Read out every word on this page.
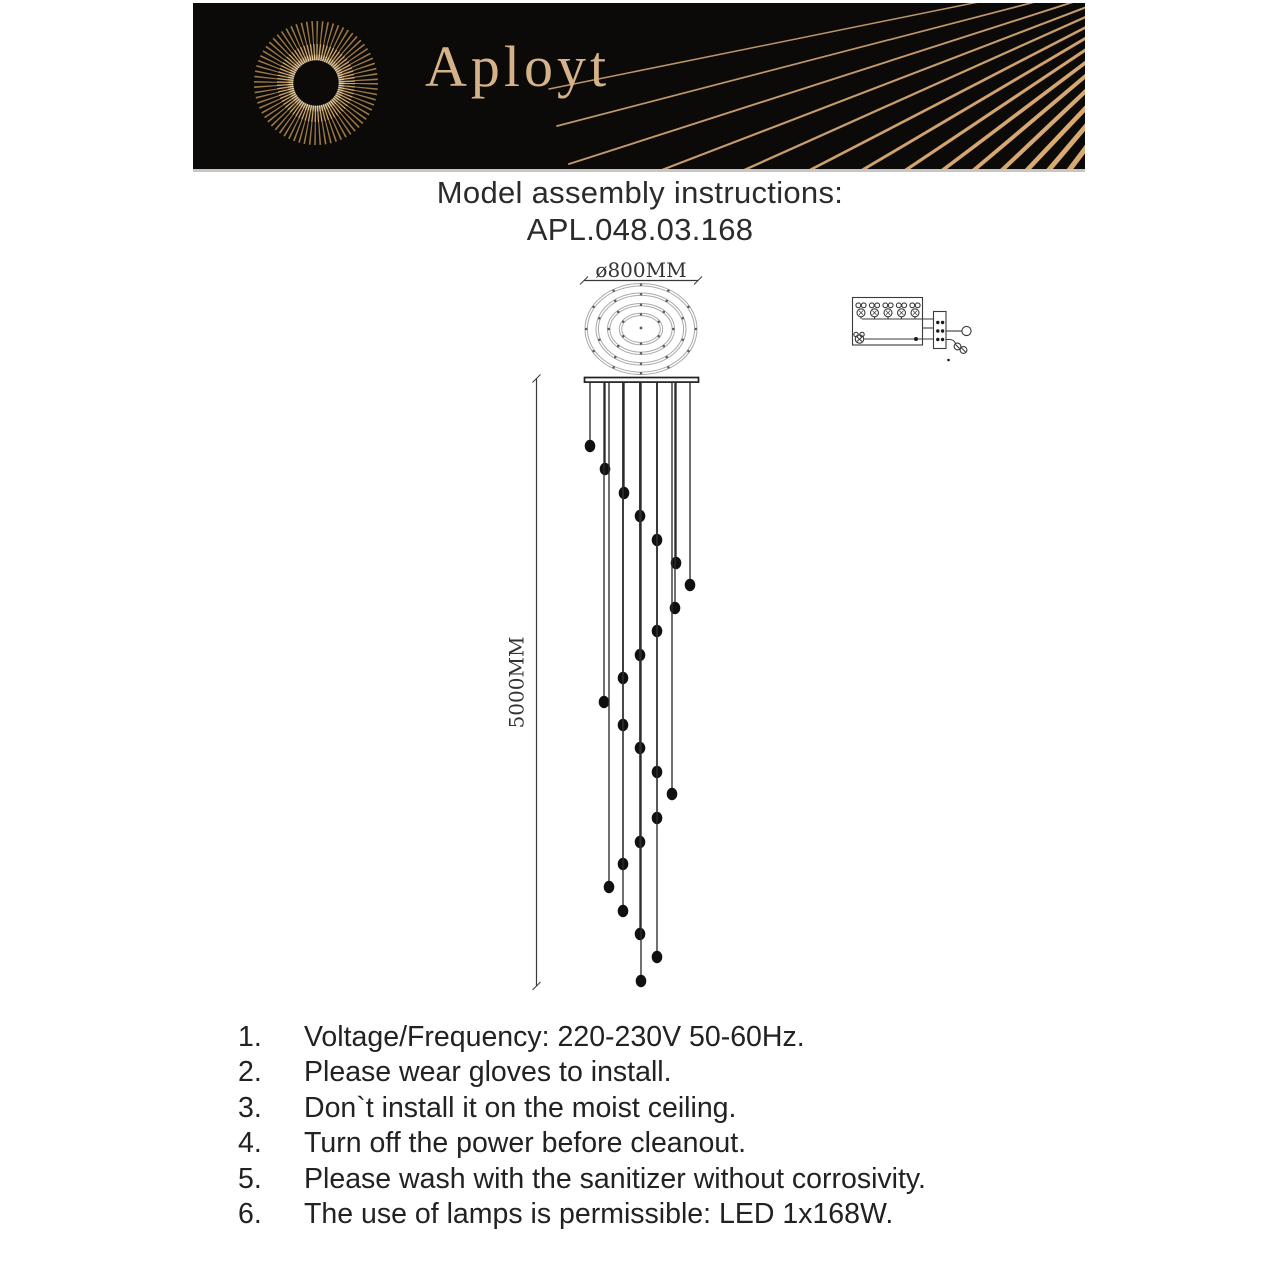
Aployt
Model assembly instructions:
APL.048.03.168
ø800MM
5000MM
1.	Voltage/Frequency: 220-230V 50-60Hz.
2.	Please wear gloves to install.
3.	Don`t install it on the moist ceiling.
4.	Turn off the power before cleanout.
5.	Please wash with the sanitizer without corrosivity.
6.	The use of lamps is permissible: LED 1x168W.
